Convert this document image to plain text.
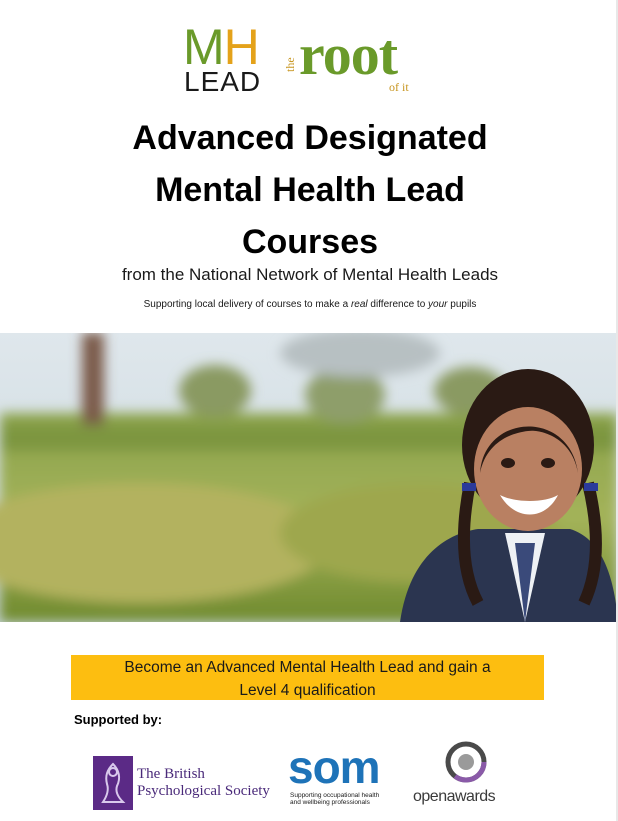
MH
LEAD
the root
of it
Advanced Designated
Mental Health Lead
Courses
from the National Network of Mental Health Leads
Supporting local delivery of courses to make a real difference to your pupils
Become an Advanced Mental Health Lead and gain a
Level 4 qualification
Supported by:
The British
Psychological Society som
Supporting occupational health
and wellbeing professionals	openawards
